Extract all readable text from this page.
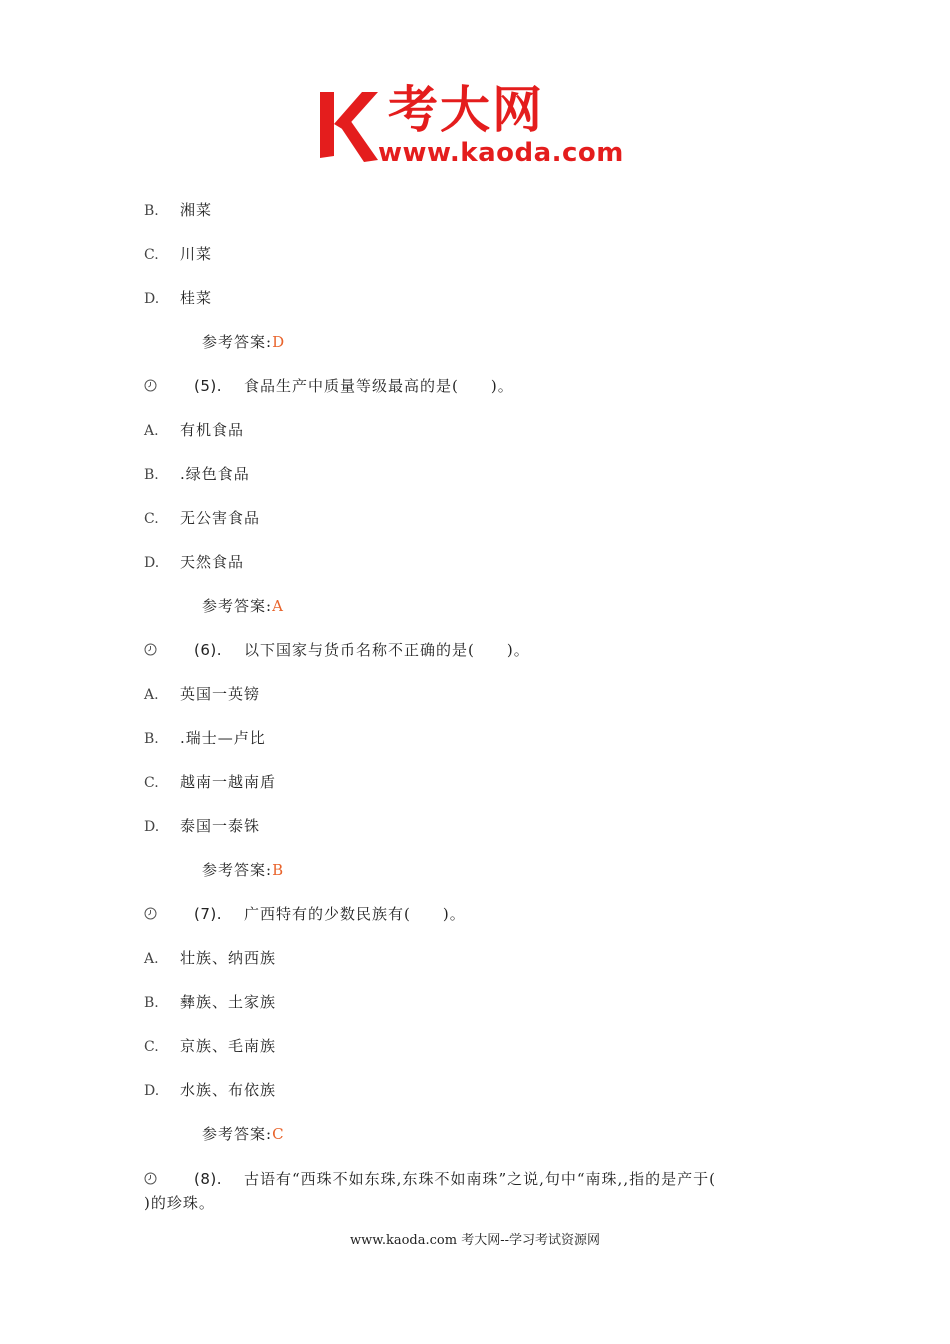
考大网
www.kaoda.com
B. 湘菜
C. 川菜
D. 桂菜
参考答案:D
(5). 食品生产中质量等级最高的是(　　)。
A. 有机食品
B. .绿色食品
C. 无公害食品
D. 天然食品
参考答案:A
(6). 以下国家与货币名称不正确的是(　　)。
A. 英国一英镑
B. .瑞士—卢比
C. 越南一越南盾
D. 泰国一泰铢
参考答案:B
(7). 广西特有的少数民族有(　　)。
A. 壮族、纳西族
B. 彝族、土家族
C. 京族、毛南族
D. 水族、布依族
参考答案:C
(8). 古语有“西珠不如东珠,东珠不如南珠”之说,句中“南珠,,指的是产于(
)的珍珠。
www.kaoda.com 考大网--学习考试资源网
